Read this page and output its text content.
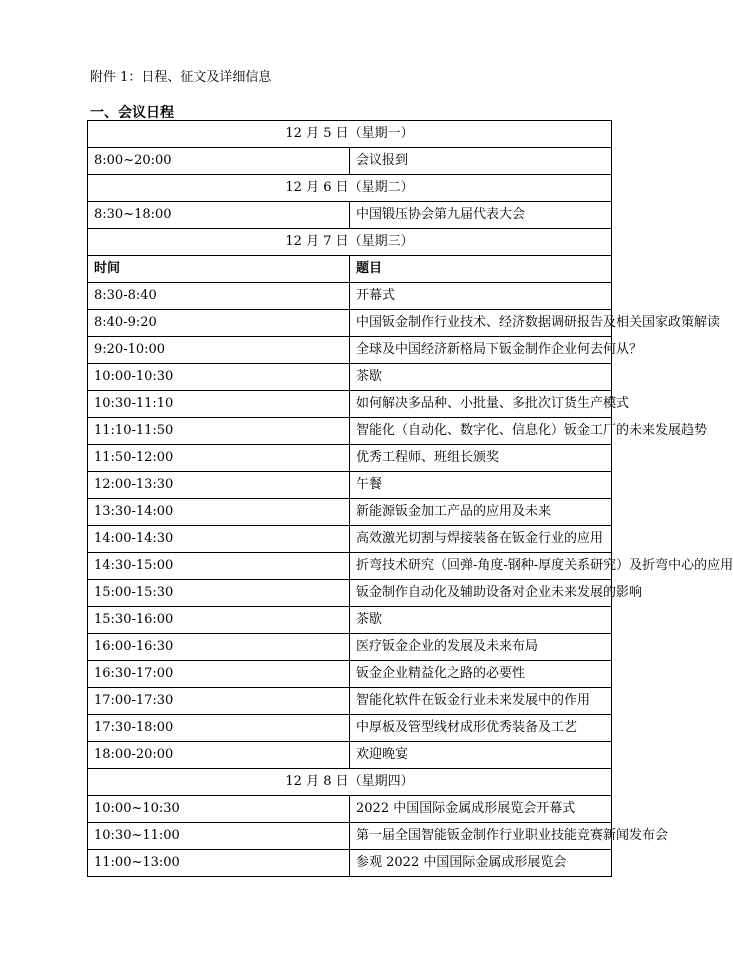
附件 1：日程、征文及详细信息
一、会议日程
12 月 5 日（星期一）	
8:00~20:00	会议报到
12 月 6 日（星期二）	
8:30~18:00	中国锻压协会第九届代表大会
12 月 7 日（星期三）	
时间	题目
8:30-8:40	开幕式
8:40-9:20	中国钣金制作行业技术、经济数据调研报告及相关国家政策解读
9:20-10:00	全球及中国经济新格局下钣金制作企业何去何从？
10:00-10:30	茶歇
10:30-11:10	如何解决多品种、小批量、多批次订货生产模式
11:10-11:50	智能化（自动化、数字化、信息化）钣金工厂的未来发展趋势
11:50-12:00	优秀工程师、班组长颁奖
12:00-13:30	午餐
13:30-14:00	新能源钣金加工产品的应用及未来
14:00-14:30	高效激光切割与焊接装备在钣金行业的应用
14:30-15:00	折弯技术研究（回弹-角度-钢种-厚度关系研究）及折弯中心的应用
15:00-15:30	钣金制作自动化及辅助设备对企业未来发展的影响
15:30-16:00	茶歇
16:00-16:30	医疗钣金企业的发展及未来布局
16:30-17:00	钣金企业精益化之路的必要性
17:00-17:30	智能化软件在钣金行业未来发展中的作用
17:30-18:00	中厚板及管型线材成形优秀装备及工艺
18:00-20:00	欢迎晚宴
12 月 8 日（星期四）	
10:00~10:30	2022 中国国际金属成形展览会开幕式
10:30~11:00	第一届全国智能钣金制作行业职业技能竞赛新闻发布会
11:00~13:00	参观 2022 中国国际金属成形展览会
